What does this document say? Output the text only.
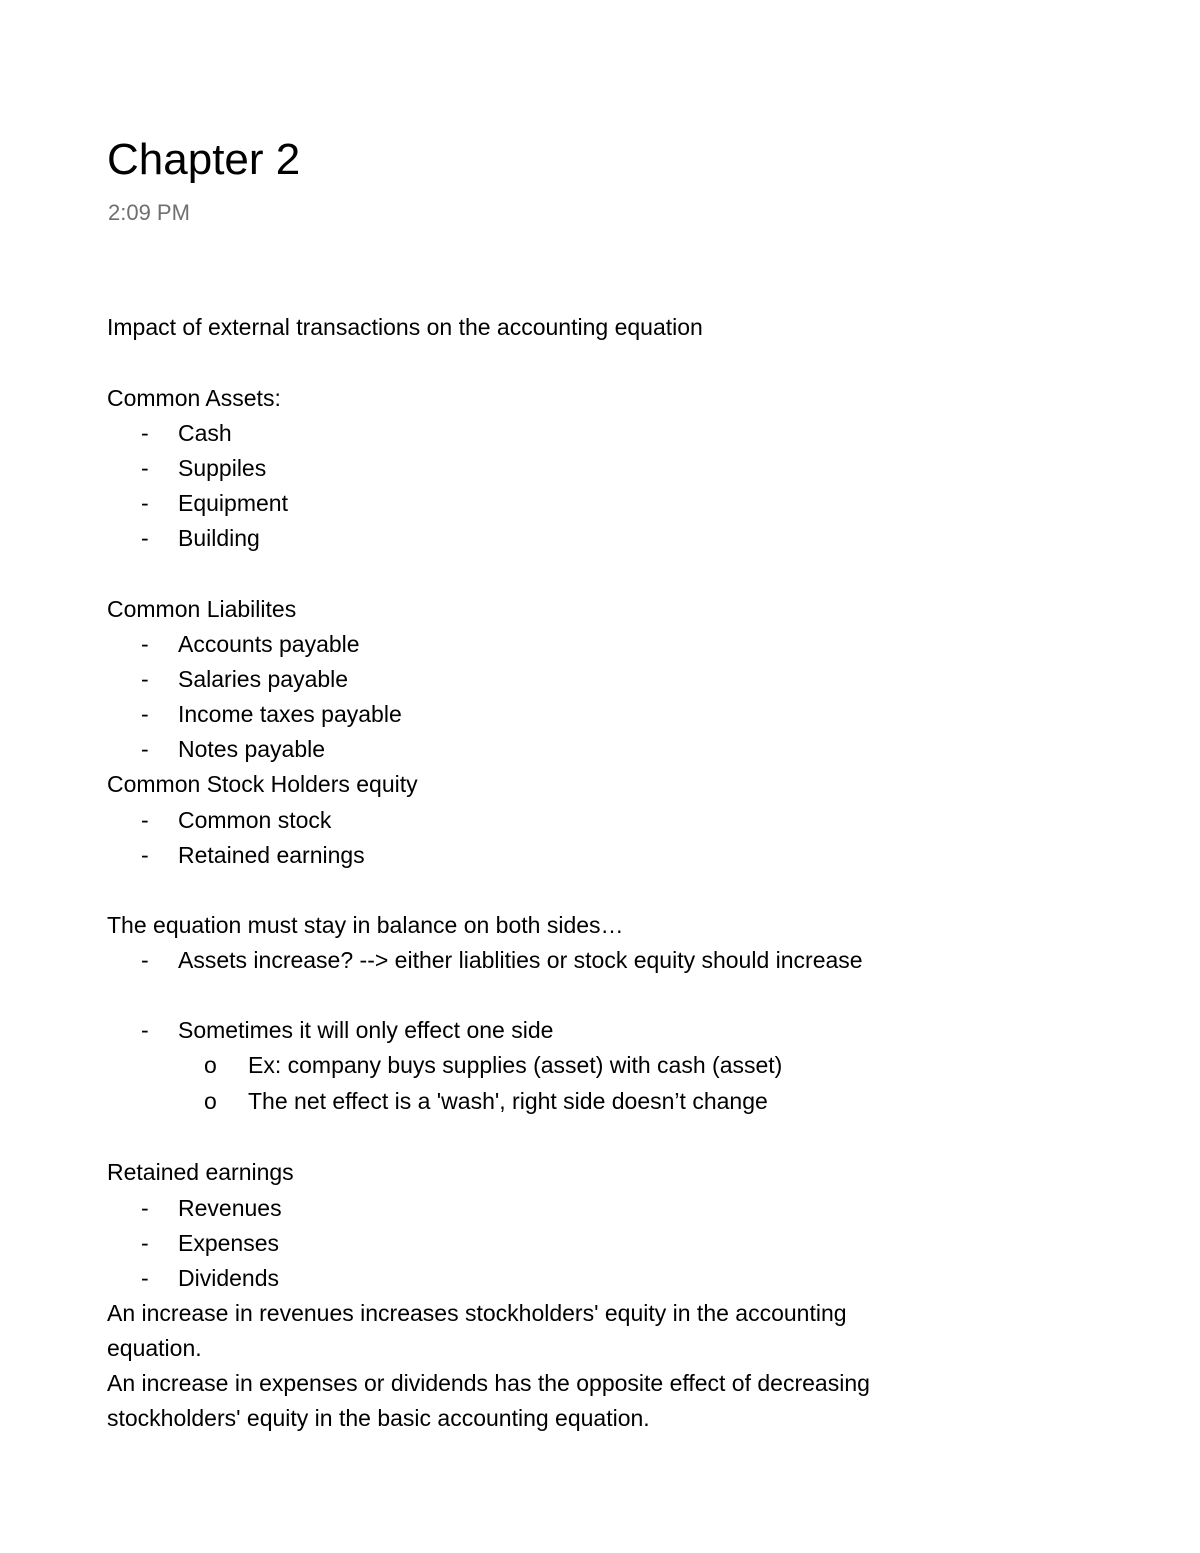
Chapter 2
2:09 PM
Impact of external transactions on the accounting equation
Common Assets:
- Cash
- Suppiles
- Equipment
- Building
Common Liabilites
- Accounts payable
- Salaries payable
- Income taxes payable
- Notes payable
Common Stock Holders equity
- Common stock
- Retained earnings
The equation must stay in balance on both sides…
- Assets increase? --> either liablities or stock equity should increase
- Sometimes it will only effect one side
o Ex: company buys supplies (asset) with cash (asset)
o The net effect is a 'wash', right side doesn’t change
Retained earnings
- Revenues
- Expenses
- Dividends
An increase in revenues increases stockholders' equity in the accounting
equation.
An increase in expenses or dividends has the opposite effect of decreasing
stockholders' equity in the basic accounting equation.
